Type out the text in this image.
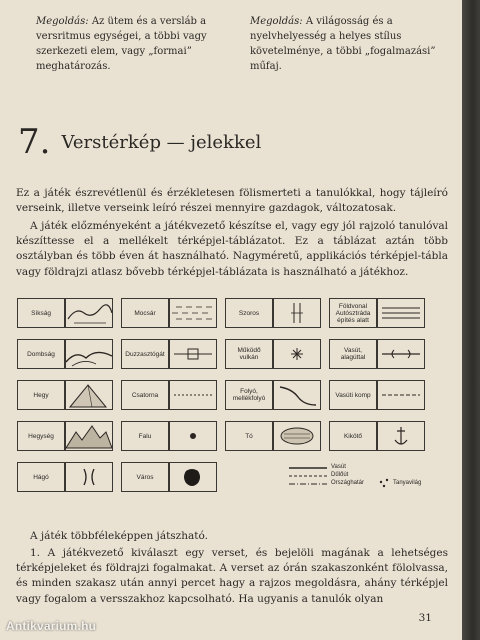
Megoldás: Az ütem és a versláb a versritmus egységei, a többi vagy szerkezeti elem, vagy „formai” meghatározás.
Megoldás: A világosság és a nyelvhelyesség a helyes stílus követelménye, a többi „fogalmazási” műfaj.
7. Verstérkép — jelekkel
Ez a játék észrevétlenül és érzékletesen fölismerteti a tanulókkal, hogy tájleíró verseink, illetve verseink leíró részei mennyire gazdagok, változatosak.
A játék előzményeként a játékvezető készítse el, vagy egy jól rajzoló tanulóval készíttesse el a mellékelt térképjel-táblázatot. Ez a táblázat aztán több osztályban és több éven át használható. Nagyméretű, applikációs térképjel-tábla vagy földrajzi atlasz bővebb térképjel-táblázata is használható a játékhoz.
Síkság
Dombság
Hegy
Hegység
Hágó
Mocsár
Duzzasztógát
Csatorna
Falu
Város
Szoros
Működő vulkán
Folyó, mellékfolyó
Tó
Földvonal Autósztráda építés alatt
Vasút, alagúttal
Vasúti komp
Kikötő
Vasút
Dűlőút
Országhatár	Tanyavilág
A játék többféleképpen játszható.
1. A játékvezető kiválaszt egy verset, és bejelöli magának a lehetséges térképjeleket és földrajzi fogalmakat. A verset az órán szakaszonként fölolvassa, és minden szakasz után annyi percet hagy a rajzos megoldásra, ahány térképjel vagy fogalom a versszakhoz kapcsolható. Ha ugyanis a tanulók olyan
31
Antikvarium.hu
